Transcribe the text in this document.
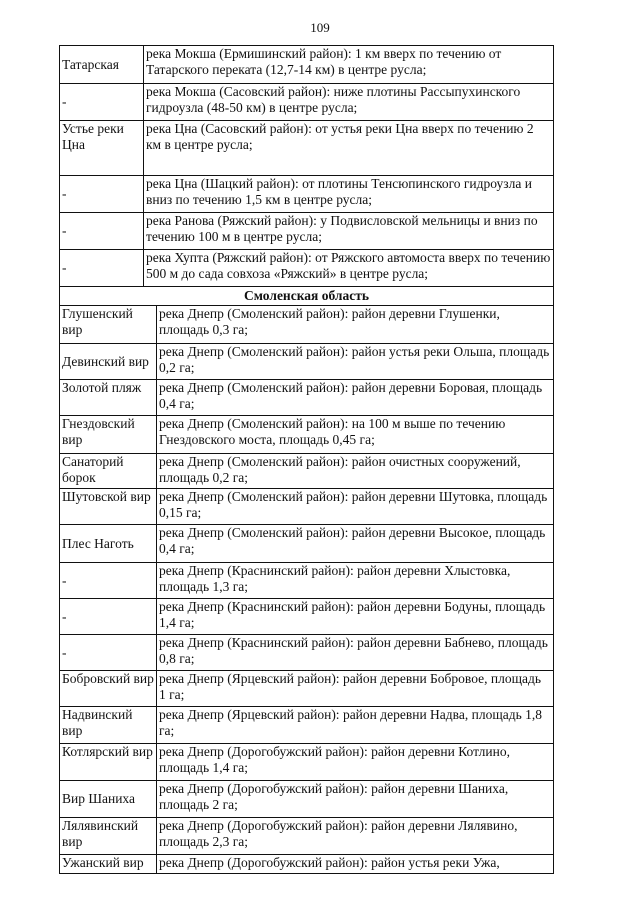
109
Татарская	река Мокша (Ермишинский район): 1 км вверх по течению от Татарского переката (12,7-14 км) в центре русла;
-	река Мокша (Сасовский район): ниже плотины Рассыпухинского гидроузла (48-50 км) в центре русла;
Устье реки Цна	река Цна (Сасовский район): от устья реки Цна вверх по течению 2 км в центре русла;
-	река Цна (Шацкий район): от плотины Тенсюпинского гидроузла и вниз по течению 1,5 км в центре русла;
-	река Ранова (Ряжский район): у Подвисловской мельницы и вниз по течению 100 м в центре русла;
-	река Хупта (Ряжский район): от Ряжского автомоста вверх по течению 500 м до сада совхоза «Ряжский» в центре русла;
Смоленская область	
Глушенский вир	река Днепр (Смоленский район): район деревни Глушенки, площадь 0,3 га;
Девинский вир	река Днепр (Смоленский район): район устья реки Ольша, площадь 0,2 га;
Золотой пляж	река Днепр (Смоленский район): район деревни Боровая, площадь 0,4 га;
Гнездовский вир	река Днепр (Смоленский район): на 100 м выше по течению Гнездовского моста, площадь 0,45 га;
Санаторий борок	река Днепр (Смоленский район): район очистных сооружений, площадь 0,2 га;
Шутовской вир	река Днепр (Смоленский район): район деревни Шутовка, площадь 0,15 га;
Плес Наготь	река Днепр (Смоленский район): район деревни Высокое, площадь 0,4 га;
-	река Днепр (Краснинский район): район деревни Хлыстовка, площадь 1,3 га;
-	река Днепр (Краснинский район): район деревни Бодуны, площадь 1,4 га;
-	река Днепр (Краснинский район): район деревни Бабнево, площадь 0,8 га;
Бобровский вир	река Днепр (Ярцевский район): район деревни Бобровое, площадь 1 га;
Надвинский вир	река Днепр (Ярцевский район): район деревни Надва, площадь 1,8 га;
Котлярский вир	река Днепр (Дорогобужский район): район деревни Котлино, площадь 1,4 га;
Вир Шаниха	река Днепр (Дорогобужский район): район деревни Шаниха, площадь 2 га;
Лялявинский вир	река Днепр (Дорогобужский район): район деревни Лялявино, площадь 2,3 га;
Ужанский вир	река Днепр (Дорогобужский район): район устья реки Ужа,
